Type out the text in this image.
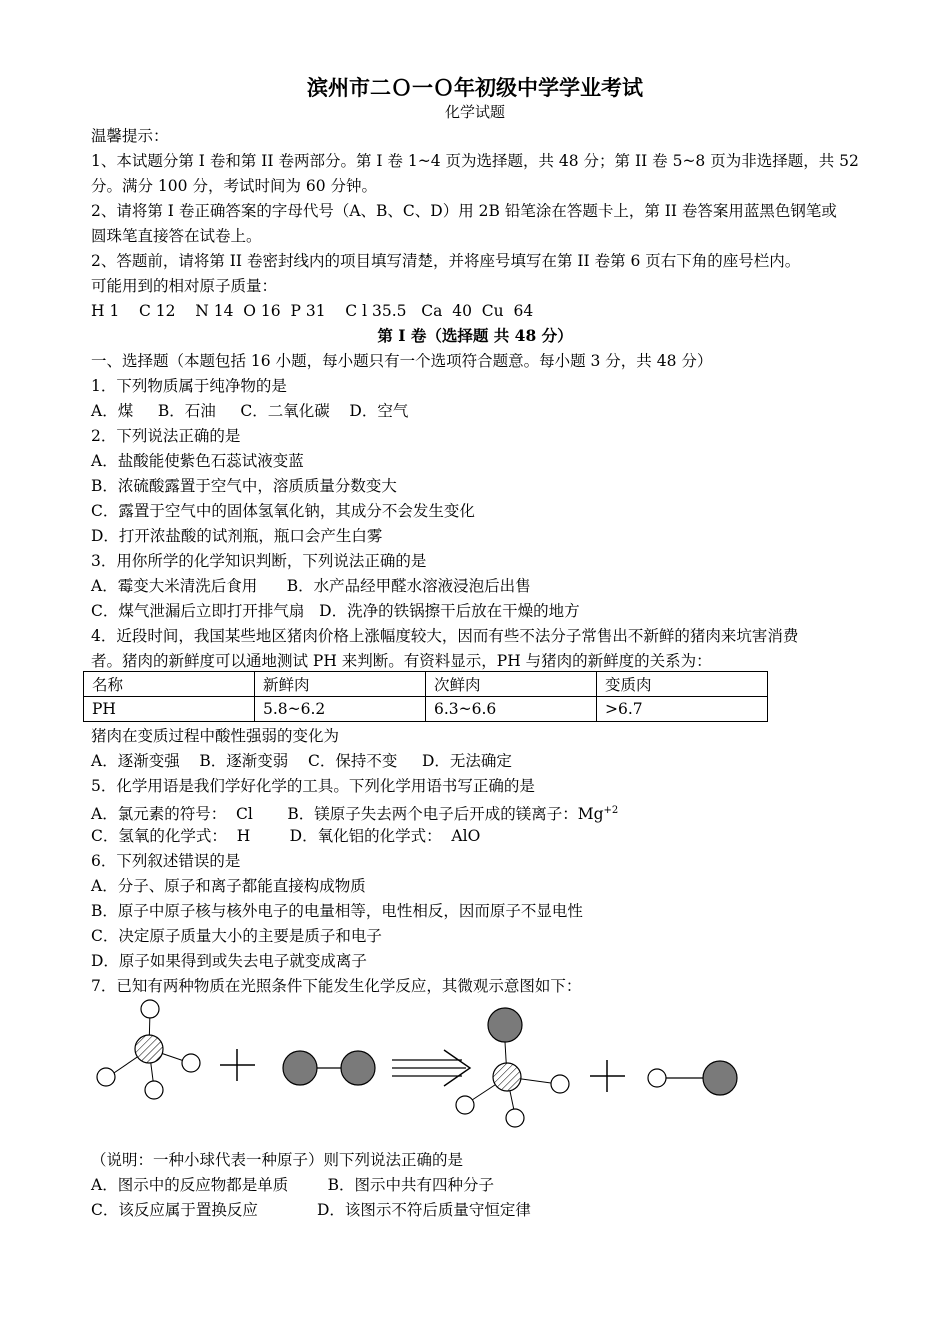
滨州市二Ｏ一Ｏ年初级中学学业考试
化学试题
温馨提示：
1、本试题分第 I 卷和第 II 卷两部分。第 I 卷 1~4 页为选择题，共 48 分；第 II 卷 5~8 页为非选择题，共 52
分。满分 100 分，考试时间为 60 分钟。
2、请将第 I 卷正确答案的字母代号（A、B、C、D）用 2B 铅笔涂在答题卡上，第 II 卷答案用蓝黑色钢笔或
圆珠笔直接答在试卷上。
2、答题前，请将第 II 卷密封线内的项目填写清楚，并将座号填写在第 II 卷第 6 页右下角的座号栏内。
可能用到的相对原子质量：
H 1    C 12    N 14  O 16  P 31    C l 35.5   Ca  40  Cu  64
第 I 卷（选择题 共 48 分）
一、选择题（本题包括 16 小题，每小题只有一个选项符合题意。每小题 3 分，共 48 分）
1．下列物质属于纯净物的是
A．煤     B．石油     C．二氧化碳    D．空气
2．下列说法正确的是
A．盐酸能使紫色石蕊试液变蓝
B．浓硫酸露置于空气中，溶质质量分数变大
C．露置于空气中的固体氢氧化钠，其成分不会发生变化
D．打开浓盐酸的试剂瓶，瓶口会产生白雾
3．用你所学的化学知识判断，下列说法正确的是
A．霉变大米清洗后食用      B．水产品经甲醛水溶液浸泡后出售
C．煤气泄漏后立即打开排气扇   D．洗净的铁锅擦干后放在干燥的地方
4．近段时间，我国某些地区猪肉价格上涨幅度较大，因而有些不法分子常售出不新鲜的猪肉来坑害消费
者。猪肉的新鲜度可以通地测试 PH 来判断。有资料显示，PH 与猪肉的新鲜度的关系为：
名称	新鲜肉	次鲜肉	变质肉
PH	5.8~6.2	6.3~6.6	>6.7
猪肉在变质过程中酸性强弱的变化为
A．逐渐变强    B．逐渐变弱    C．保持不变     D．无法确定
5．化学用语是我们学好化学的工具。下列化学用语书写正确的是
A．氯元素的符号：  Cl       B．镁原子失去两个电子后开成的镁离子：$Mg^{+2}$
C．氢氧的化学式：  H        D．氧化铝的化学式：  AlO
6．下列叙述错误的是
A．分子、原子和离子都能直接构成物质
B．原子中原子核与核外电子的电量相等，电性相反，因而原子不显电性
C．决定原子质量大小的主要是质子和电子
D．原子如果得到或失去电子就变成离子
7．已知有两种物质在光照条件下能发生化学反应，其微观示意图如下：
（说明：一种小球代表一种原子）则下列说法正确的是
A．图示中的反应物都是单质        B．图示中共有四种分子
C．该反应属于置换反应            D．该图示不符后质量守恒定律
